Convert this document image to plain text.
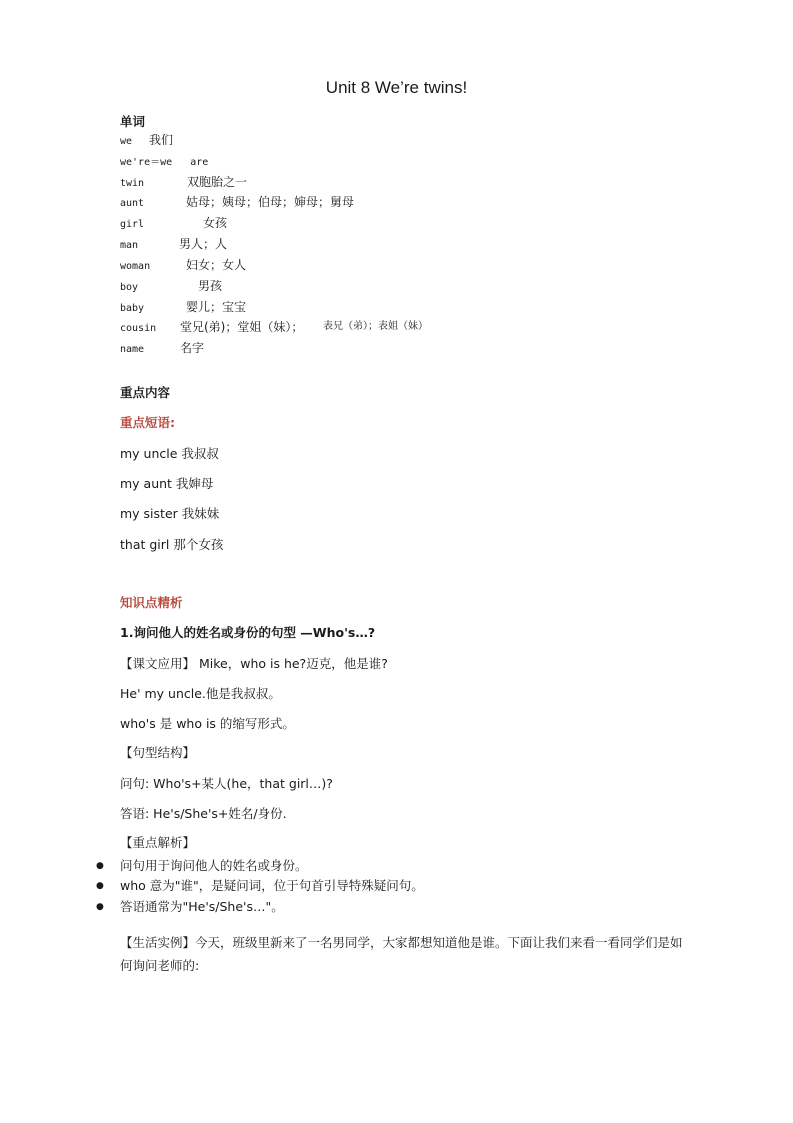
Unit 8 We’re twins!
单词
we 我们
we're＝we   are
twin	双胞胎之一
aunt	姑母；姨母；伯母；婶母；舅母
girl	女孩
man	男人；人
woman	妇女；女人
boy	男孩
baby	婴儿；宝宝
cousin 堂兄(弟)；堂姐（妹）； 表兄（弟）；表姐（妹）
name	名字
重点内容
重点短语:
my uncle 我叔叔
my aunt 我婶母
my sister 我妹妹
that girl 那个女孩
知识点精析
1.询问他人的姓名或身份的句型 —Who's…?
【课文应用】 Mike，who is he?迈克，他是谁?
He' my uncle.他是我叔叔。
who's 是 who is 的缩写形式。
【句型结构】
问句: Who's+某人(he，that girl…)?
答语: He's/She's+姓名/身份.
【重点解析】
● 问句用于询问他人的姓名或身份。
● who 意为"谁"，是疑问词，位于句首引导特殊疑问句。
● 答语通常为"He's/She's…"。
【生活实例】今天，班级里新来了一名男同学，大家都想知道他是谁。下面让我们来看一看同学们是如
何询问老师的:
